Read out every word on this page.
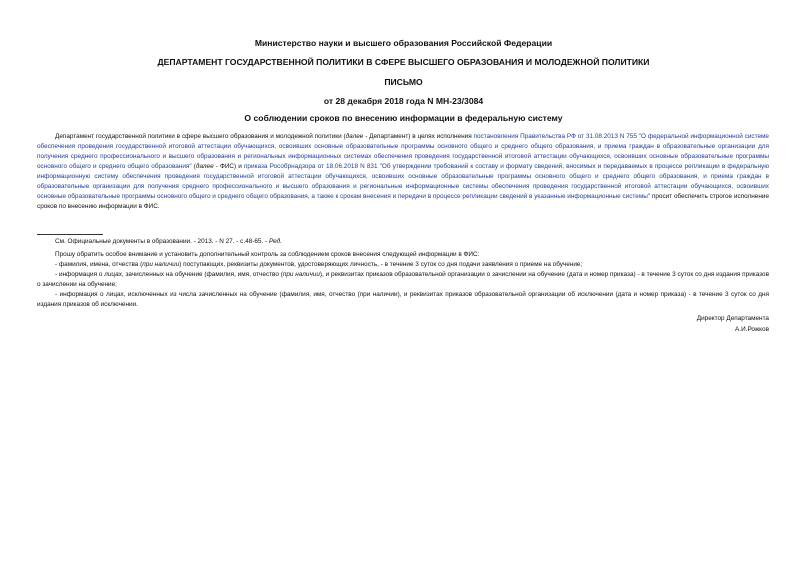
Министерство науки и высшего образования Российской Федерации
ДЕПАРТАМЕНТ ГОСУДАРСТВЕННОЙ ПОЛИТИКИ В СФЕРЕ ВЫСШЕГО ОБРАЗОВАНИЯ И МОЛОДЕЖНОЙ ПОЛИТИКИ
ПИСЬМО
от 28 декабря 2018 года N МН-23/3084
О соблюдении сроков по внесению информации в федеральную систему

Департамент государственной политики в сфере высшего образования и молодежной политики (далее - Департамент) в целях исполнения постановления Правительства РФ от 31.08.2013 N 755 "О федеральной информационной системе обеспечения проведения государственной итоговой аттестации обучающихся, освоивших основные образовательные программы основного общего и среднего общего образования, и приема граждан в образовательные организации для получения среднего профессионального и высшего образования и региональных информационных системах обеспечения проведения государственной итоговой аттестации обучающихся, освоивших основные образовательные программы основного общего и среднего общего образования" (далее - ФИС) и приказа Рособрнадзора от 18.06.2018 N 831 "Об утверждении требований к составу и формату сведений, вносимых и передаваемых в процессе репликации в федеральную информационную систему обеспечения проведения государственной итоговой аттестации обучающихся, освоивших основные образовательные программы основного общего и среднего общего образования, и приема граждан в образовательные организации для получения среднего профессионального и высшего образования и региональные информационные системы обеспечения проведения государственной итоговой аттестации обучающихся, освоивших основные образовательные программы основного общего и среднего общего образования, а также к срокам внесения и передачи в процессе репликации сведений в указанные информационные системы" просит обеспечить строгое исполнение сроков по внесению информации в ФИС.

См. Официальные документы в образовании. - 2013. - N 27. - с.48-65. - Ред.

Прошу обратить особое внимание и установить дополнительный контроль за соблюдением сроков внесения следующей информации в ФИС:

- фамилия, имена, отчества (при наличии) поступающих, реквизиты документов, удостоверяющих личность, - в течение 3 суток со дня подачи заявления о приеме на обучение;

- информация о лицах, зачисленных на обучение (фамилия, имя, отчество (при наличии), и реквизитах приказов образовательной организации о зачислении на обучение (дата и номер приказа) - в течение 3 суток со дня издания приказов о зачислении на обучение;

- информация о лицах, исключенных из числа зачисленных на обучение (фамилия, имя, отчество (при наличии), и реквизитах приказов образовательной организации об исключении (дата и номер приказа) - в течение 3 суток со дня издания приказов об исключении.

Директор Департамента
А.И.Рожков
